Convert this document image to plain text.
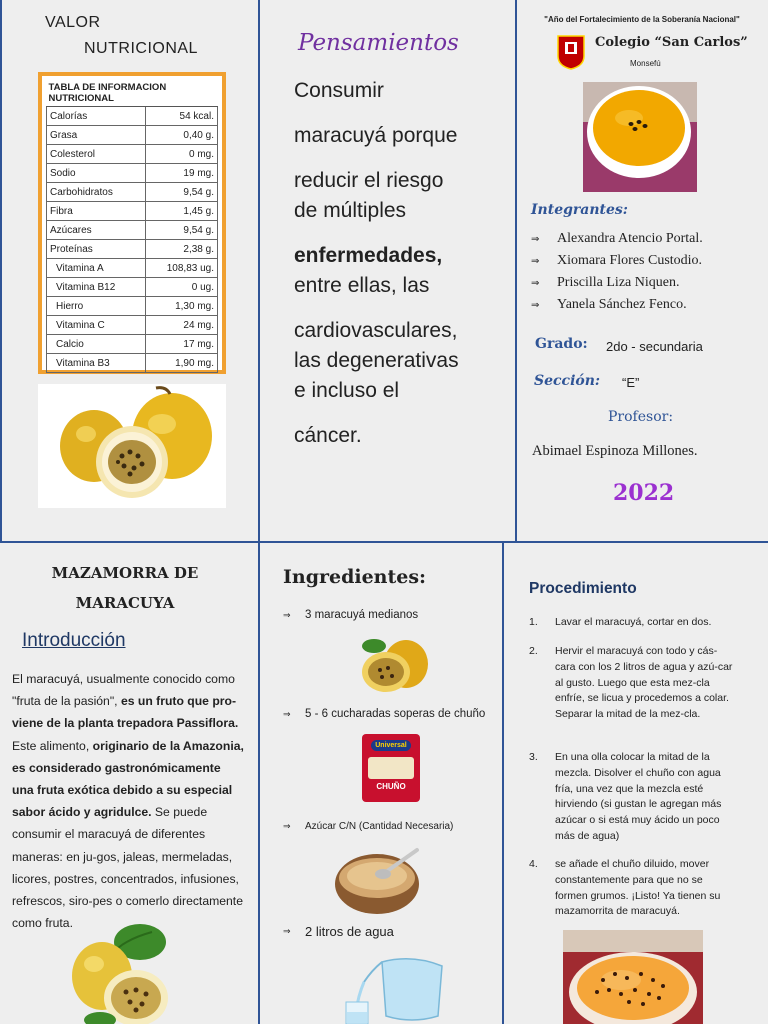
VALOR
NUTRICIONAL
TABLA DE INFORMACION NUTRICIONAL	
Calorías	54 kcal.
Grasa	0,40 g.
Colesterol	0 mg.
Sodio	19 mg.
Carbohidratos	9,54 g.
Fibra	1,45 g.
Azúcares	9,54 g.
Proteínas	2,38 g.
Vitamina A	108,83 ug.
Vitamina B12	0 ug.
Hierro	1,30 mg.
Vitamina C	24 mg.
Calcio	17 mg.
Vitamina B3	1,90 mg.
Pensamientos
Consumir
maracuyá porque
reducir el riesgo
de múltiples
enfermedades,
entre ellas, las
cardiovasculares,
las degenerativas
e incluso el
cáncer.
"Año del Fortalecimiento de la Soberanía Nacional"
Colegio “San Carlos”
Monsefú
Integrantes:
⇒	Alexandra Atencio Portal.
⇒	Xiomara Flores Custodio.
⇒	Priscilla Liza Niquen.
⇒	Yanela Sánchez Fenco.
Grado: 2do - secundaria
Sección: “E”
Profesor:
Abimael Espinoza Millones.
2022
MAZAMORRA DE
MARACUYA
Introducción
El maracuyá, usualmente conocido como "fruta de la pasión", es un fruto que pro-viene de la planta trepadora Passiflora. Este alimento, originario de la Amazonia, es considerado gastronómicamente una fruta exótica debido a su especial sabor ácido y agridulce. Se puede consumir el maracuyá de diferentes maneras: en ju-gos, jaleas, mermeladas, licores, postres, concentrados, infusiones, refrescos, siro-pes o comerlo directamente como fruta.
Ingredientes:
⇒	3 maracuyá medianos
⇒	5 - 6 cucharadas soperas de chuño
Universal
CHUÑO
⇒	Azúcar C/N (Cantidad Necesaria)
⇒	2 litros de agua
Procedimiento
1.	Lavar el maracuyá, cortar en dos.
2.	Hervir el maracuyá con todo y cás-cara con los 2 litros de agua y azú-car al gusto. Luego que esta mez-cla enfríe, se licua y procedemos a colar. Separar la mitad de la mez-cla.
3.	En una olla colocar la mitad de la mezcla. Disolver el chuño con agua fría, una vez que la mezcla esté hirviendo (si gustan le agregan más azúcar o si está muy ácido un poco más de agua)
4.	se añade el chuño diluido, mover constantemente para que no se formen grumos. ¡Listo! Ya tienen su mazamorrita de maracuyá.
